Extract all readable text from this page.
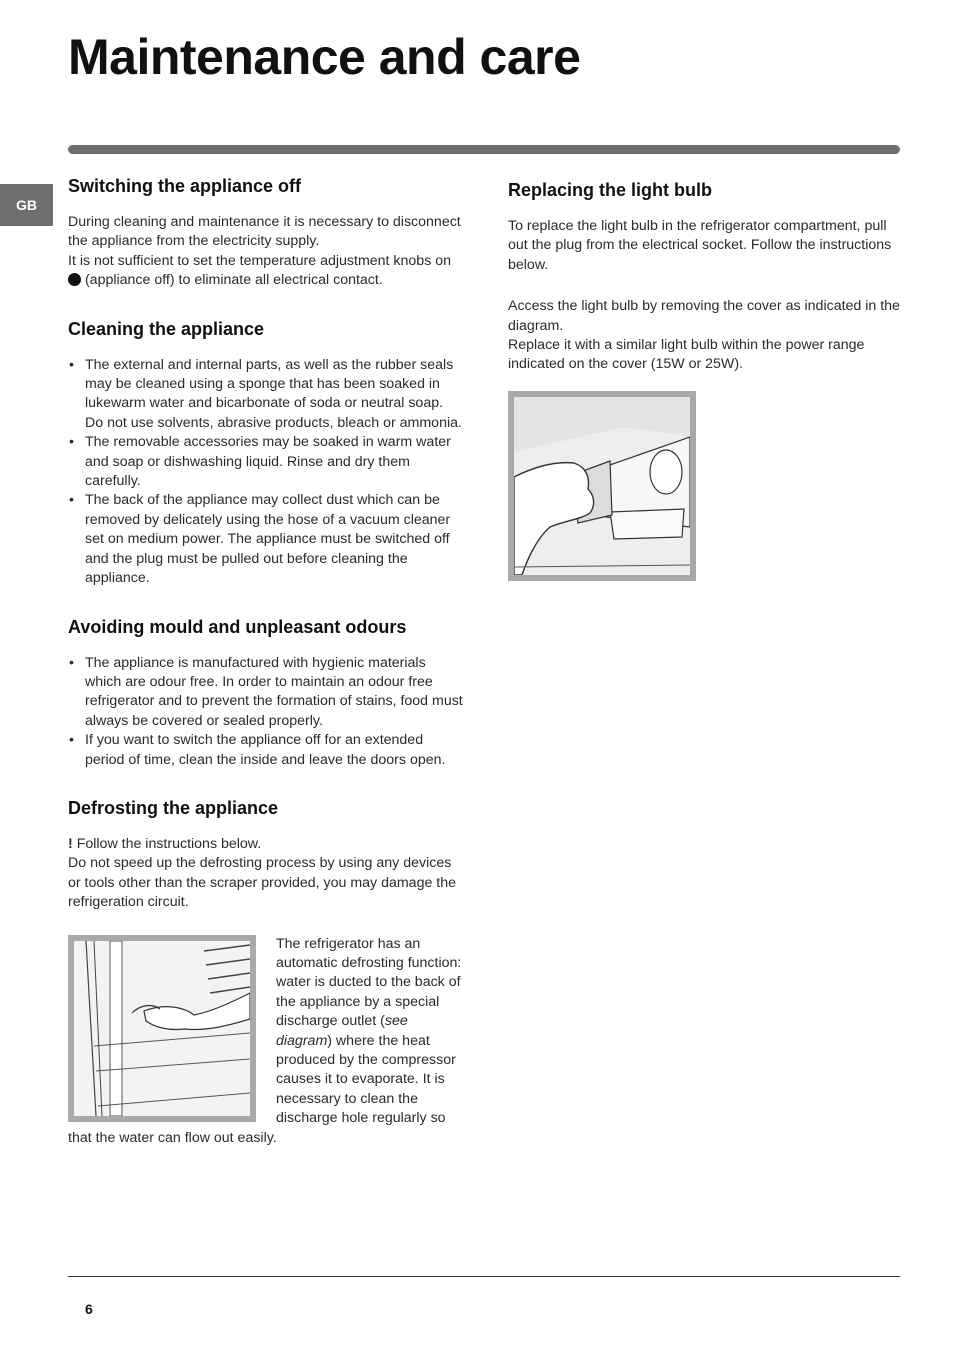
Maintenance and care
GB
Switching the appliance off

During cleaning and maintenance it is necessary to disconnect the appliance from the electricity supply.
It is not sufficient to set the temperature adjustment knobs on  (appliance off) to eliminate all electrical contact.

Cleaning the appliance
• The external and internal parts, as well as the rubber seals may be cleaned using a sponge that has been soaked in lukewarm water and bicarbonate of soda or neutral soap. Do not use solvents, abrasive products, bleach or ammonia.
• The removable accessories may be soaked in warm water and soap or dishwashing liquid. Rinse and dry them carefully.
• The back of the appliance may collect dust which can be removed by delicately using the hose of a vacuum cleaner set on medium power. The appliance must be switched off and the plug must be pulled out before cleaning the appliance.
Avoiding mould and unpleasant odours
• The appliance is manufactured with hygienic materials which are odour free. In order to maintain an odour free refrigerator and to prevent the formation of stains, food must always be covered or sealed properly.
• If you want to switch the appliance off for an extended period of time, clean the inside and leave the doors open.
Defrosting the appliance

! Follow the instructions below.
Do not speed up the defrosting process by using any devices or tools other than the scraper provided, you may damage the refrigeration circuit.

The refrigerator has an automatic defrosting function: water is ducted to the back of the appliance by a special discharge outlet (see diagram) where the heat produced by the compressor causes it to evaporate. It is necessary to clean the discharge hole regularly so that the water can flow out easily.

Replacing the light bulb

To replace the light bulb in the refrigerator compartment, pull out the plug from the electrical socket. Follow the instructions below.

Access the light bulb by removing the cover as indicated in the diagram.
Replace it with a similar light bulb within the power range indicated on the cover (15W or 25W).

6
